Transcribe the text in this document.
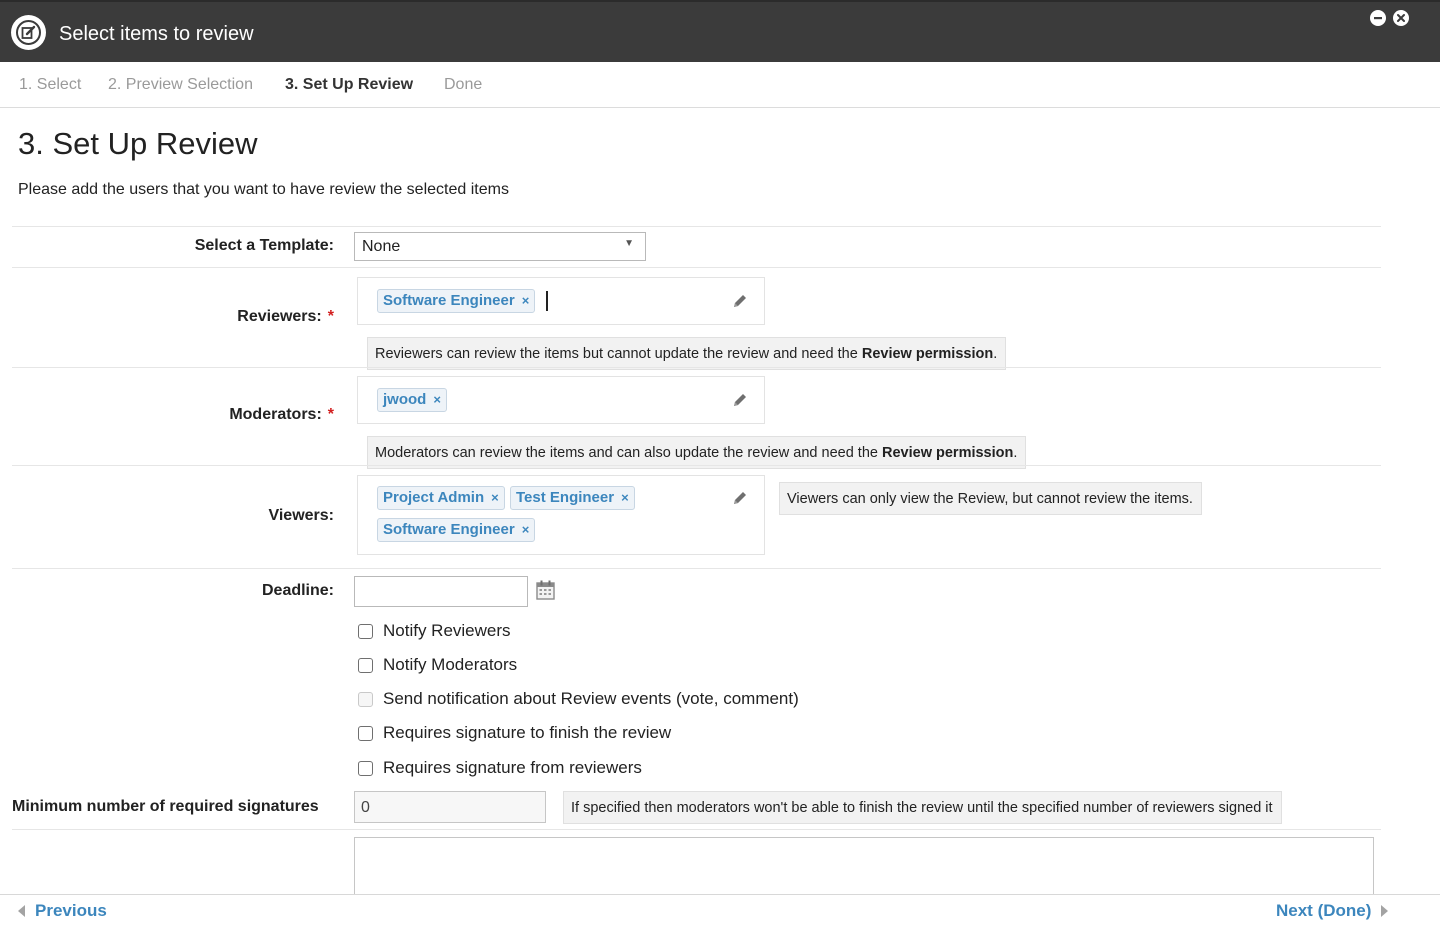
Select items to review
1. Select 2. Preview Selection 3. Set Up Review Done
3. Set Up Review

Please add the users that you want to have review the selected items

Select a Template: None	▼
Reviewers: *
Software Engineer ×
Reviewers can review the items but cannot update the review and need the Review permission.
Moderators: *
jwood ×
Moderators can review the items and can also update the review and need the Review permission.
Viewers:
Project Admin × Test Engineer ×
Software Engineer ×
Viewers can only view the Review, but cannot review the items.
Deadline:
Notify Reviewers
Notify Moderators
Send notification about Review events (vote, comment)
Requires signature to finish the review
Requires signature from reviewers
Minimum number of required signatures	0	If specified then moderators won't be able to finish the review until the specified number of reviewers signed it
Previous	Next (Done)
